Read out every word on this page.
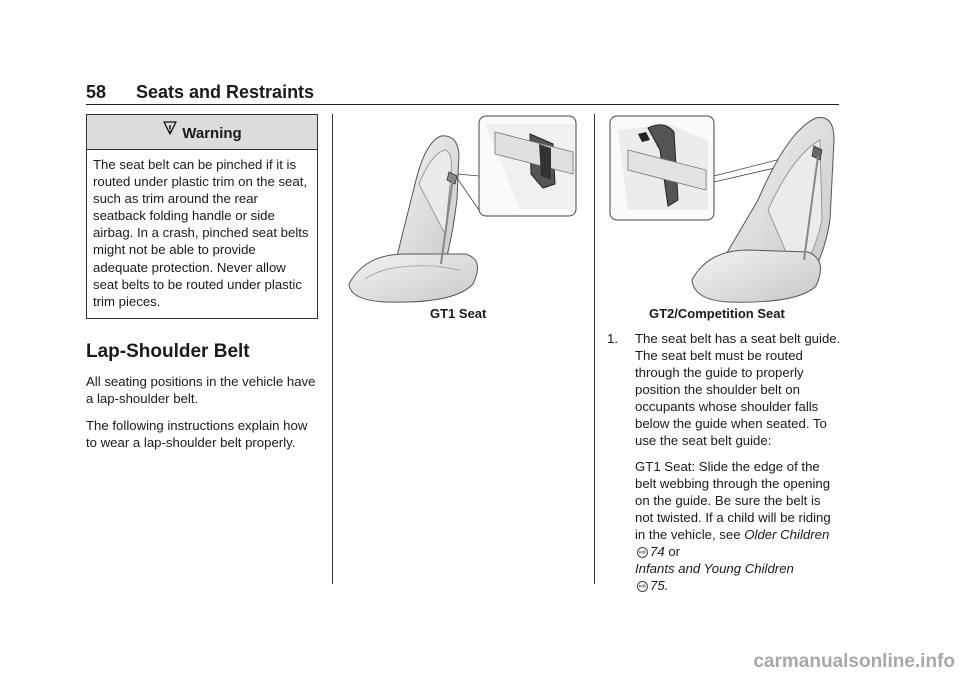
58 Seats and Restraints
Warning
The seat belt can be pinched if it is routed under plastic trim on the seat, such as trim around the rear seatback folding handle or side airbag. In a crash, pinched seat belts might not be able to provide adequate protection. Never allow seat belts to be routed under plastic trim pieces.
Lap-Shoulder Belt

All seating positions in the vehicle have a lap-shoulder belt.

The following instructions explain how to wear a lap-shoulder belt properly.

GT1 Seat	GT2/Competition Seat
1. The seat belt has a seat belt guide. The seat belt must be routed through the guide to properly position the shoulder belt on occupants whose shoulder falls below the guide when seated. To use the seat belt guide:
GT1 Seat: Slide the edge of the belt webbing through the opening on the guide. Be sure the belt is not twisted. If a child will be riding in the vehicle, see Older Children⇨ 74 or
Infants and Young Children
⇨ 75.
carmanualsonline.info
